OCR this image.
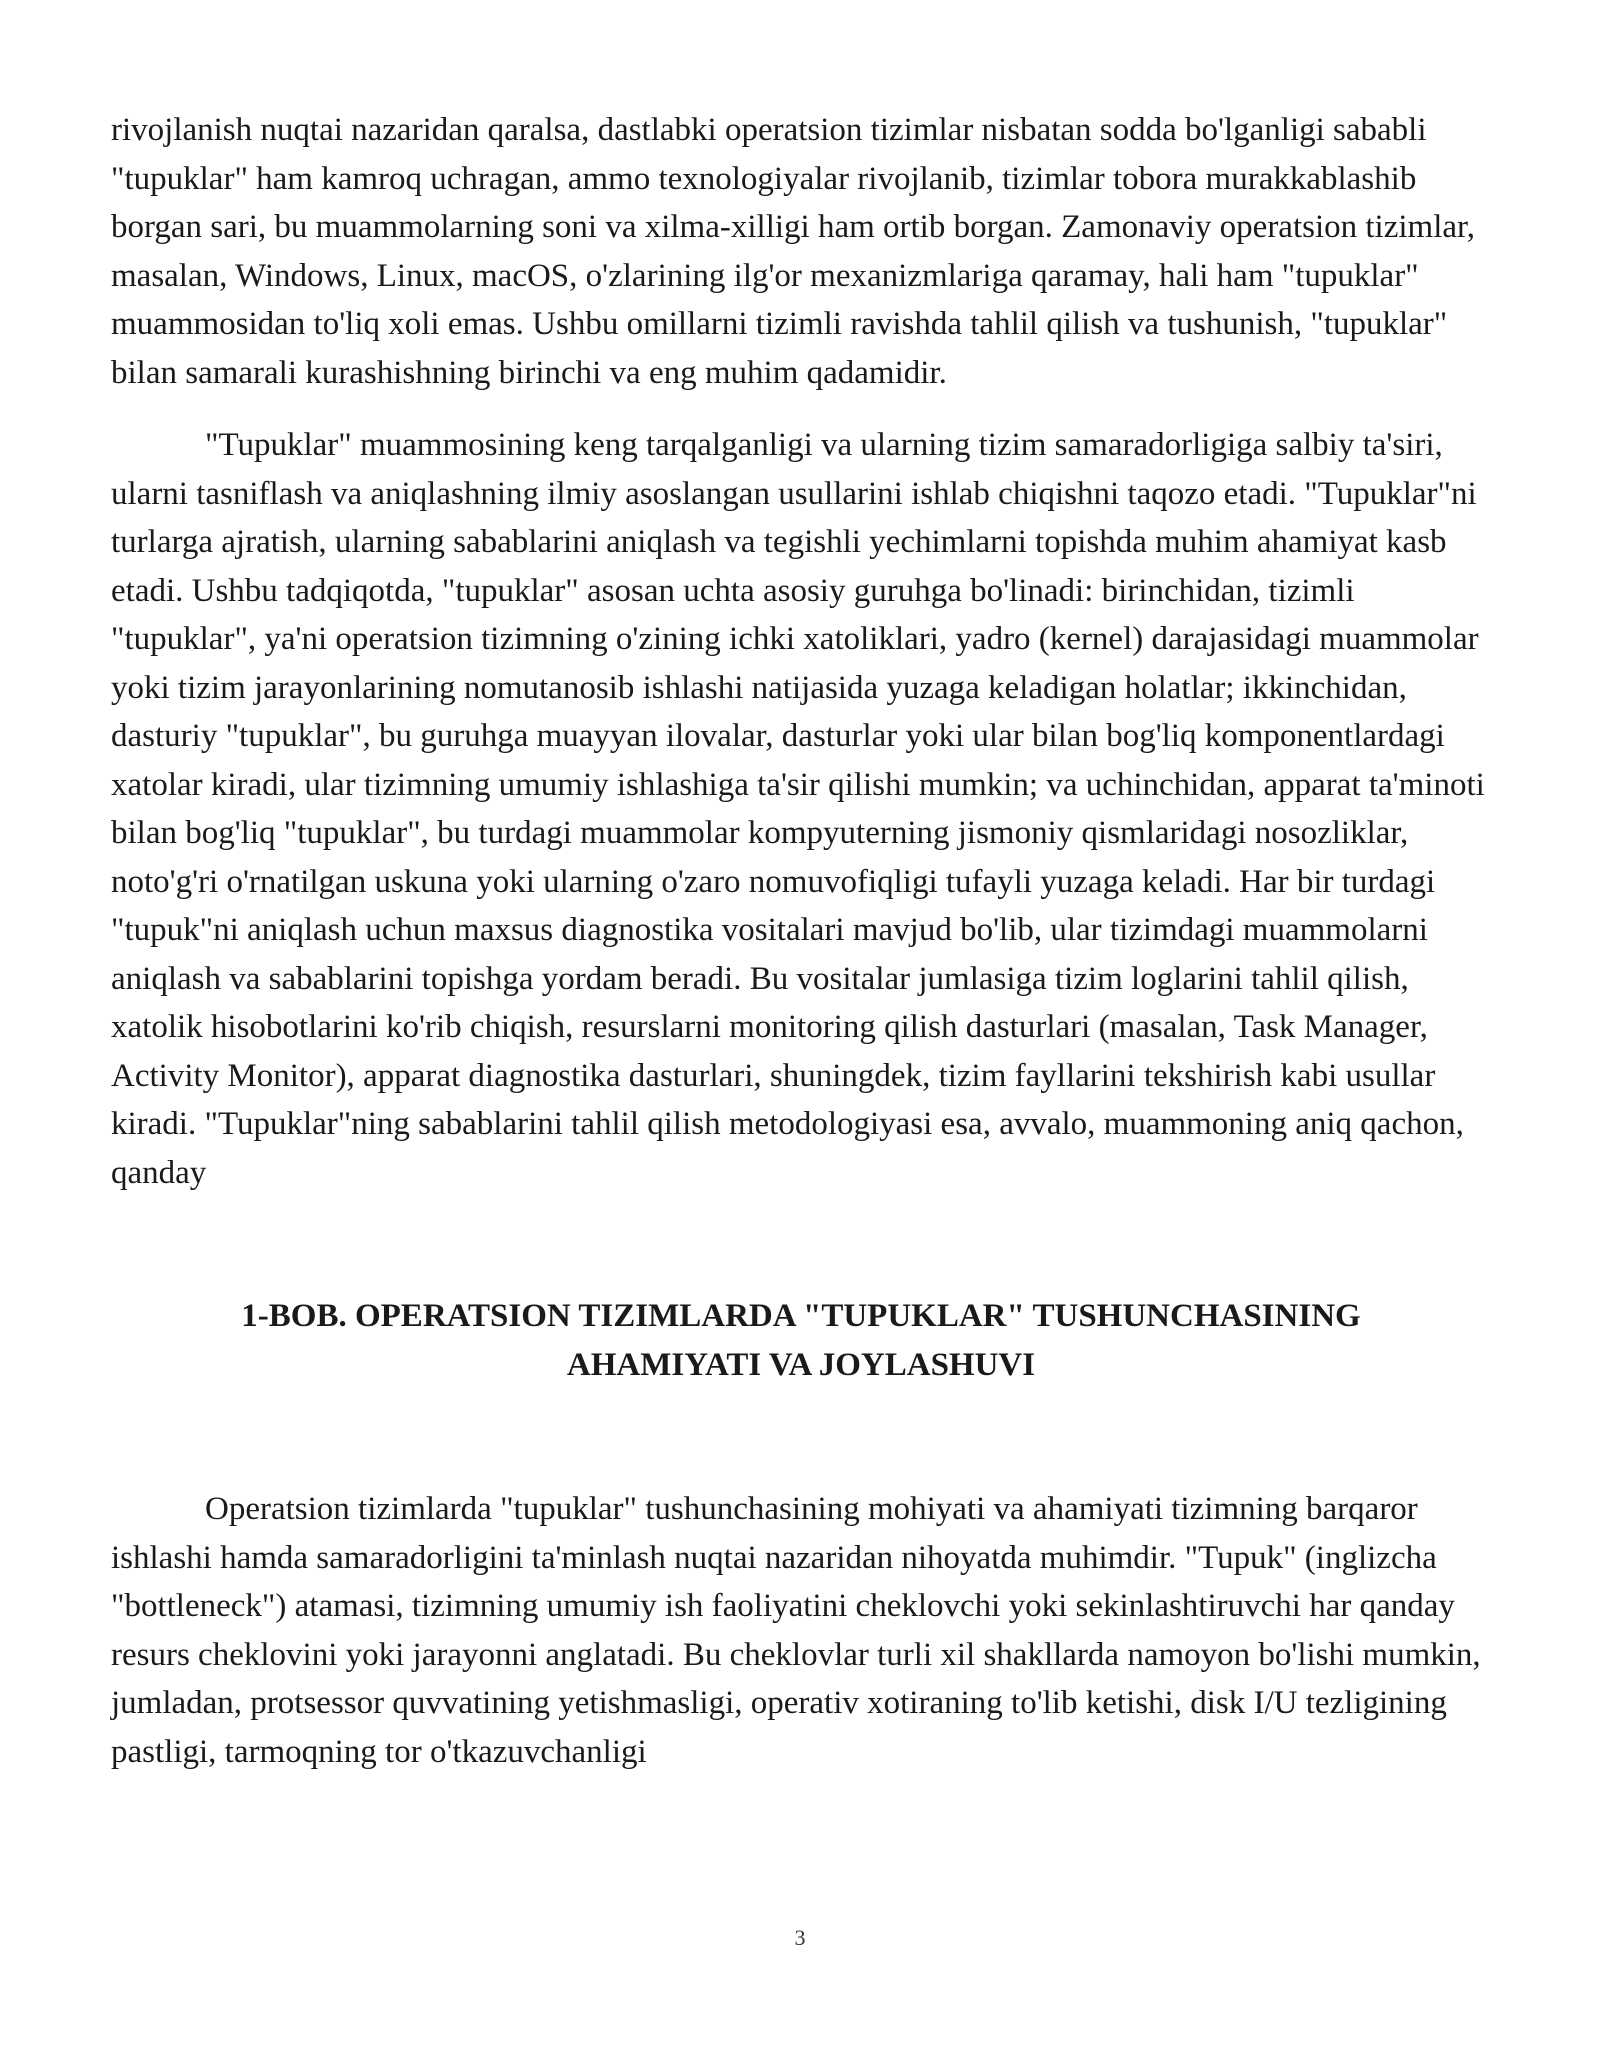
rivojlanish nuqtai nazaridan qaralsa, dastlabki operatsion tizimlar nisbatan sodda bo'lganligi sababli "tupuklar" ham kamroq uchragan, ammo texnologiyalar rivojlanib, tizimlar tobora murakkablashib borgan sari, bu muammolarning soni va xilma-xilligi ham ortib borgan. Zamonaviy operatsion tizimlar, masalan, Windows, Linux, macOS, o'zlarining ilg'or mexanizmlariga qaramay, hali ham "tupuklar" muammosidan to'liq xoli emas. Ushbu omillarni tizimli ravishda tahlil qilish va tushunish, "tupuklar" bilan samarali kurashishning birinchi va eng muhim qadamidir.

"Tupuklar" muammosining keng tarqalganligi va ularning tizim samaradorligiga salbiy ta'siri, ularni tasniflash va aniqlashning ilmiy asoslangan usullarini ishlab chiqishni taqozo etadi. "Tupuklar"ni turlarga ajratish, ularning sabablarini aniqlash va tegishli yechimlarni topishda muhim ahamiyat kasb etadi. Ushbu tadqiqotda, "tupuklar" asosan uchta asosiy guruhga bo'linadi: birinchidan, tizimli "tupuklar", ya'ni operatsion tizimning o'zining ichki xatoliklari, yadro (kernel) darajasidagi muammolar yoki tizim jarayonlarining nomutanosib ishlashi natijasida yuzaga keladigan holatlar; ikkinchidan, dasturiy "tupuklar", bu guruhga muayyan ilovalar, dasturlar yoki ular bilan bog'liq komponentlardagi xatolar kiradi, ular tizimning umumiy ishlashiga ta'sir qilishi mumkin; va uchinchidan, apparat ta'minoti bilan bog'liq "tupuklar", bu turdagi muammolar kompyuterning jismoniy qismlaridagi nosozliklar, noto'g'ri o'rnatilgan uskuna yoki ularning o'zaro nomuvofiqligi tufayli yuzaga keladi. Har bir turdagi "tupuk"ni aniqlash uchun maxsus diagnostika vositalari mavjud bo'lib, ular tizimdagi muammolarni aniqlash va sabablarini topishga yordam beradi. Bu vositalar jumlasiga tizim loglarini tahlil qilish, xatolik hisobotlarini ko'rib chiqish, resurslarni monitoring qilish dasturlari (masalan, Task Manager, Activity Monitor), apparat diagnostika dasturlari, shuningdek, tizim fayllarini tekshirish kabi usullar kiradi. "Tupuklar"ning sabablarini tahlil qilish metodologiyasi esa, avvalo, muammoning aniq qachon, qanday

1-BOB. OPERATSION TIZIMLARDA "TUPUKLAR" TUSHUNCHASINING
AHAMIYATI VA JOYLASHUVI

Operatsion tizimlarda "tupuklar" tushunchasining mohiyati va ahamiyati tizimning barqaror ishlashi hamda samaradorligini ta'minlash nuqtai nazaridan nihoyatda muhimdir. "Tupuk" (inglizcha "bottleneck") atamasi, tizimning umumiy ish faoliyatini cheklovchi yoki sekinlashtiruvchi har qanday resurs cheklovini yoki jarayonni anglatadi. Bu cheklovlar turli xil shakllarda namoyon bo'lishi mumkin, jumladan, protsessor quvvatining yetishmasligi, operativ xotiraning to'lib ketishi, disk I/U tezligining pastligi, tarmoqning tor o'tkazuvchanligi

3
